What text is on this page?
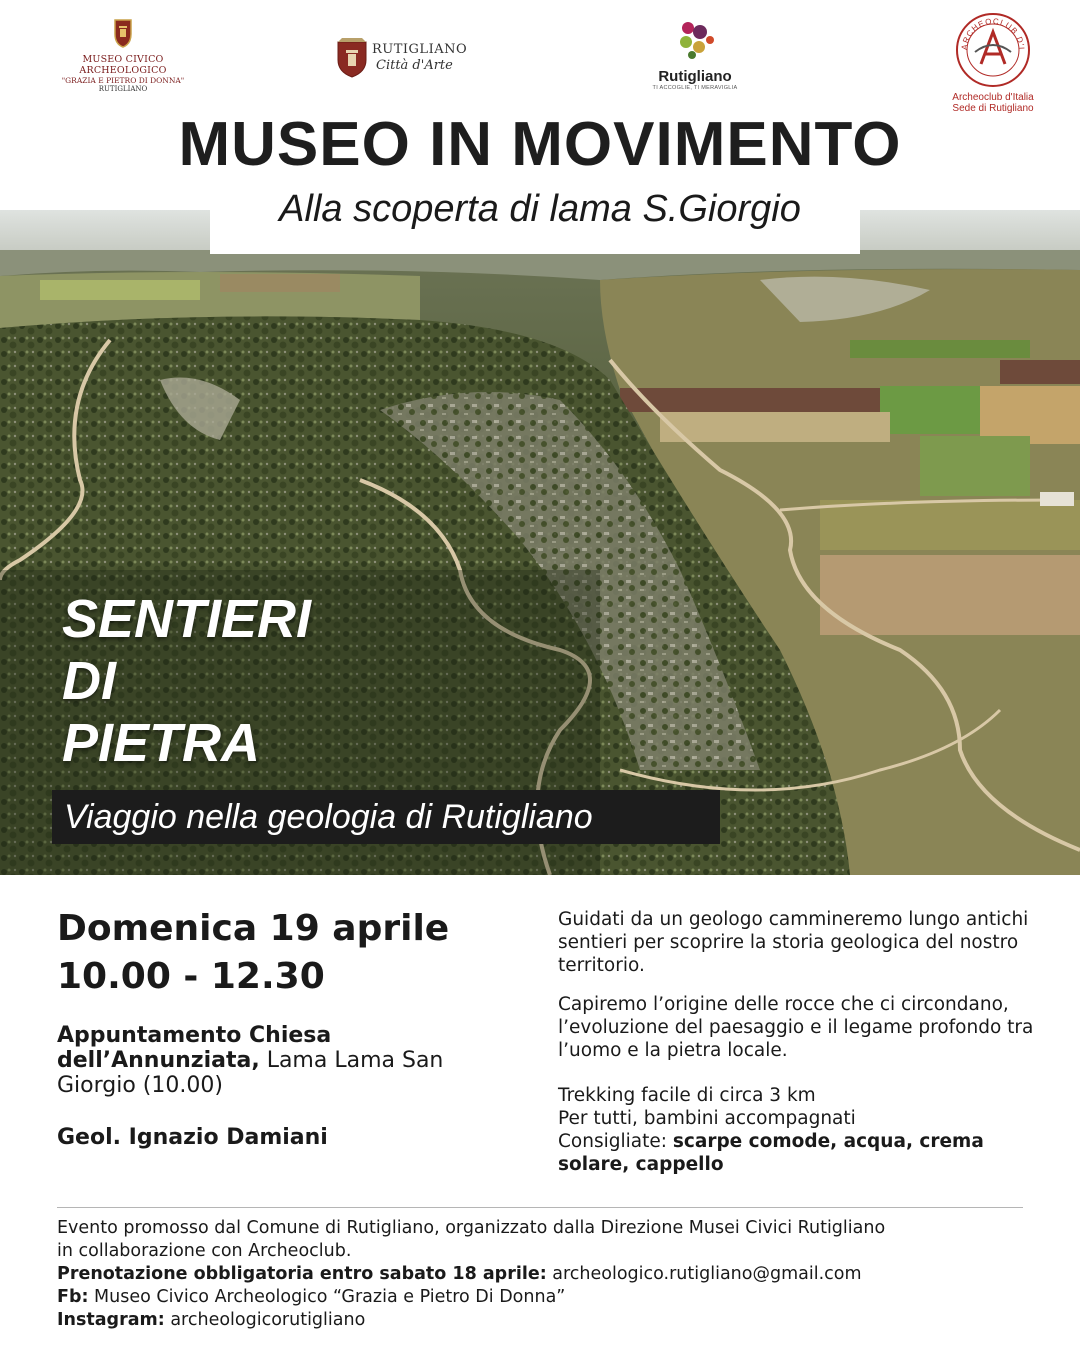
MUSEO CIVICO ARCHEOLOGICO
"GRAZIA E PIETRO DI DONNA"
RUTIGLIANO
RUTIGLIANO
Città d'Arte
Rutigliano
TI ACCOGLIE, TI MERAVIGLIA
ARCHEOCLUB D'I
Archeoclub d'Italia
Sede di Rutigliano
MUSEO IN MOVIMENTO
Alla scoperta di lama S.Giorgio
SENTIERI
DI
PIETRA
Viaggio nella geologia di Rutigliano
Domenica 19 aprile
10.00 - 12.30
Appuntamento Chiesa dell’Annunziata, Lama Lama San Giorgio (10.00)
Geol. Ignazio Damiani

Guidati da un geologo cammineremo lungo antichi sentieri per scoprire la storia geologica del nostro territorio.

Capiremo l’origine delle rocce che ci circondano, l’evoluzione del paesaggio e il legame profondo tra l’uomo e la pietra locale.

Trekking facile di circa 3 km
Per tutti, bambini accompagnati
Consigliate: scarpe comode, acqua, crema solare, cappello
Evento promosso dal Comune di Rutigliano, organizzato dalla Direzione Musei Civici Rutigliano
in collaborazione con Archeoclub.
Prenotazione obbligatoria entro sabato 18 aprile: archeologico.rutigliano@gmail.com
Fb: Museo Civico Archeologico “Grazia e Pietro Di Donna”
Instagram: archeologicorutigliano
